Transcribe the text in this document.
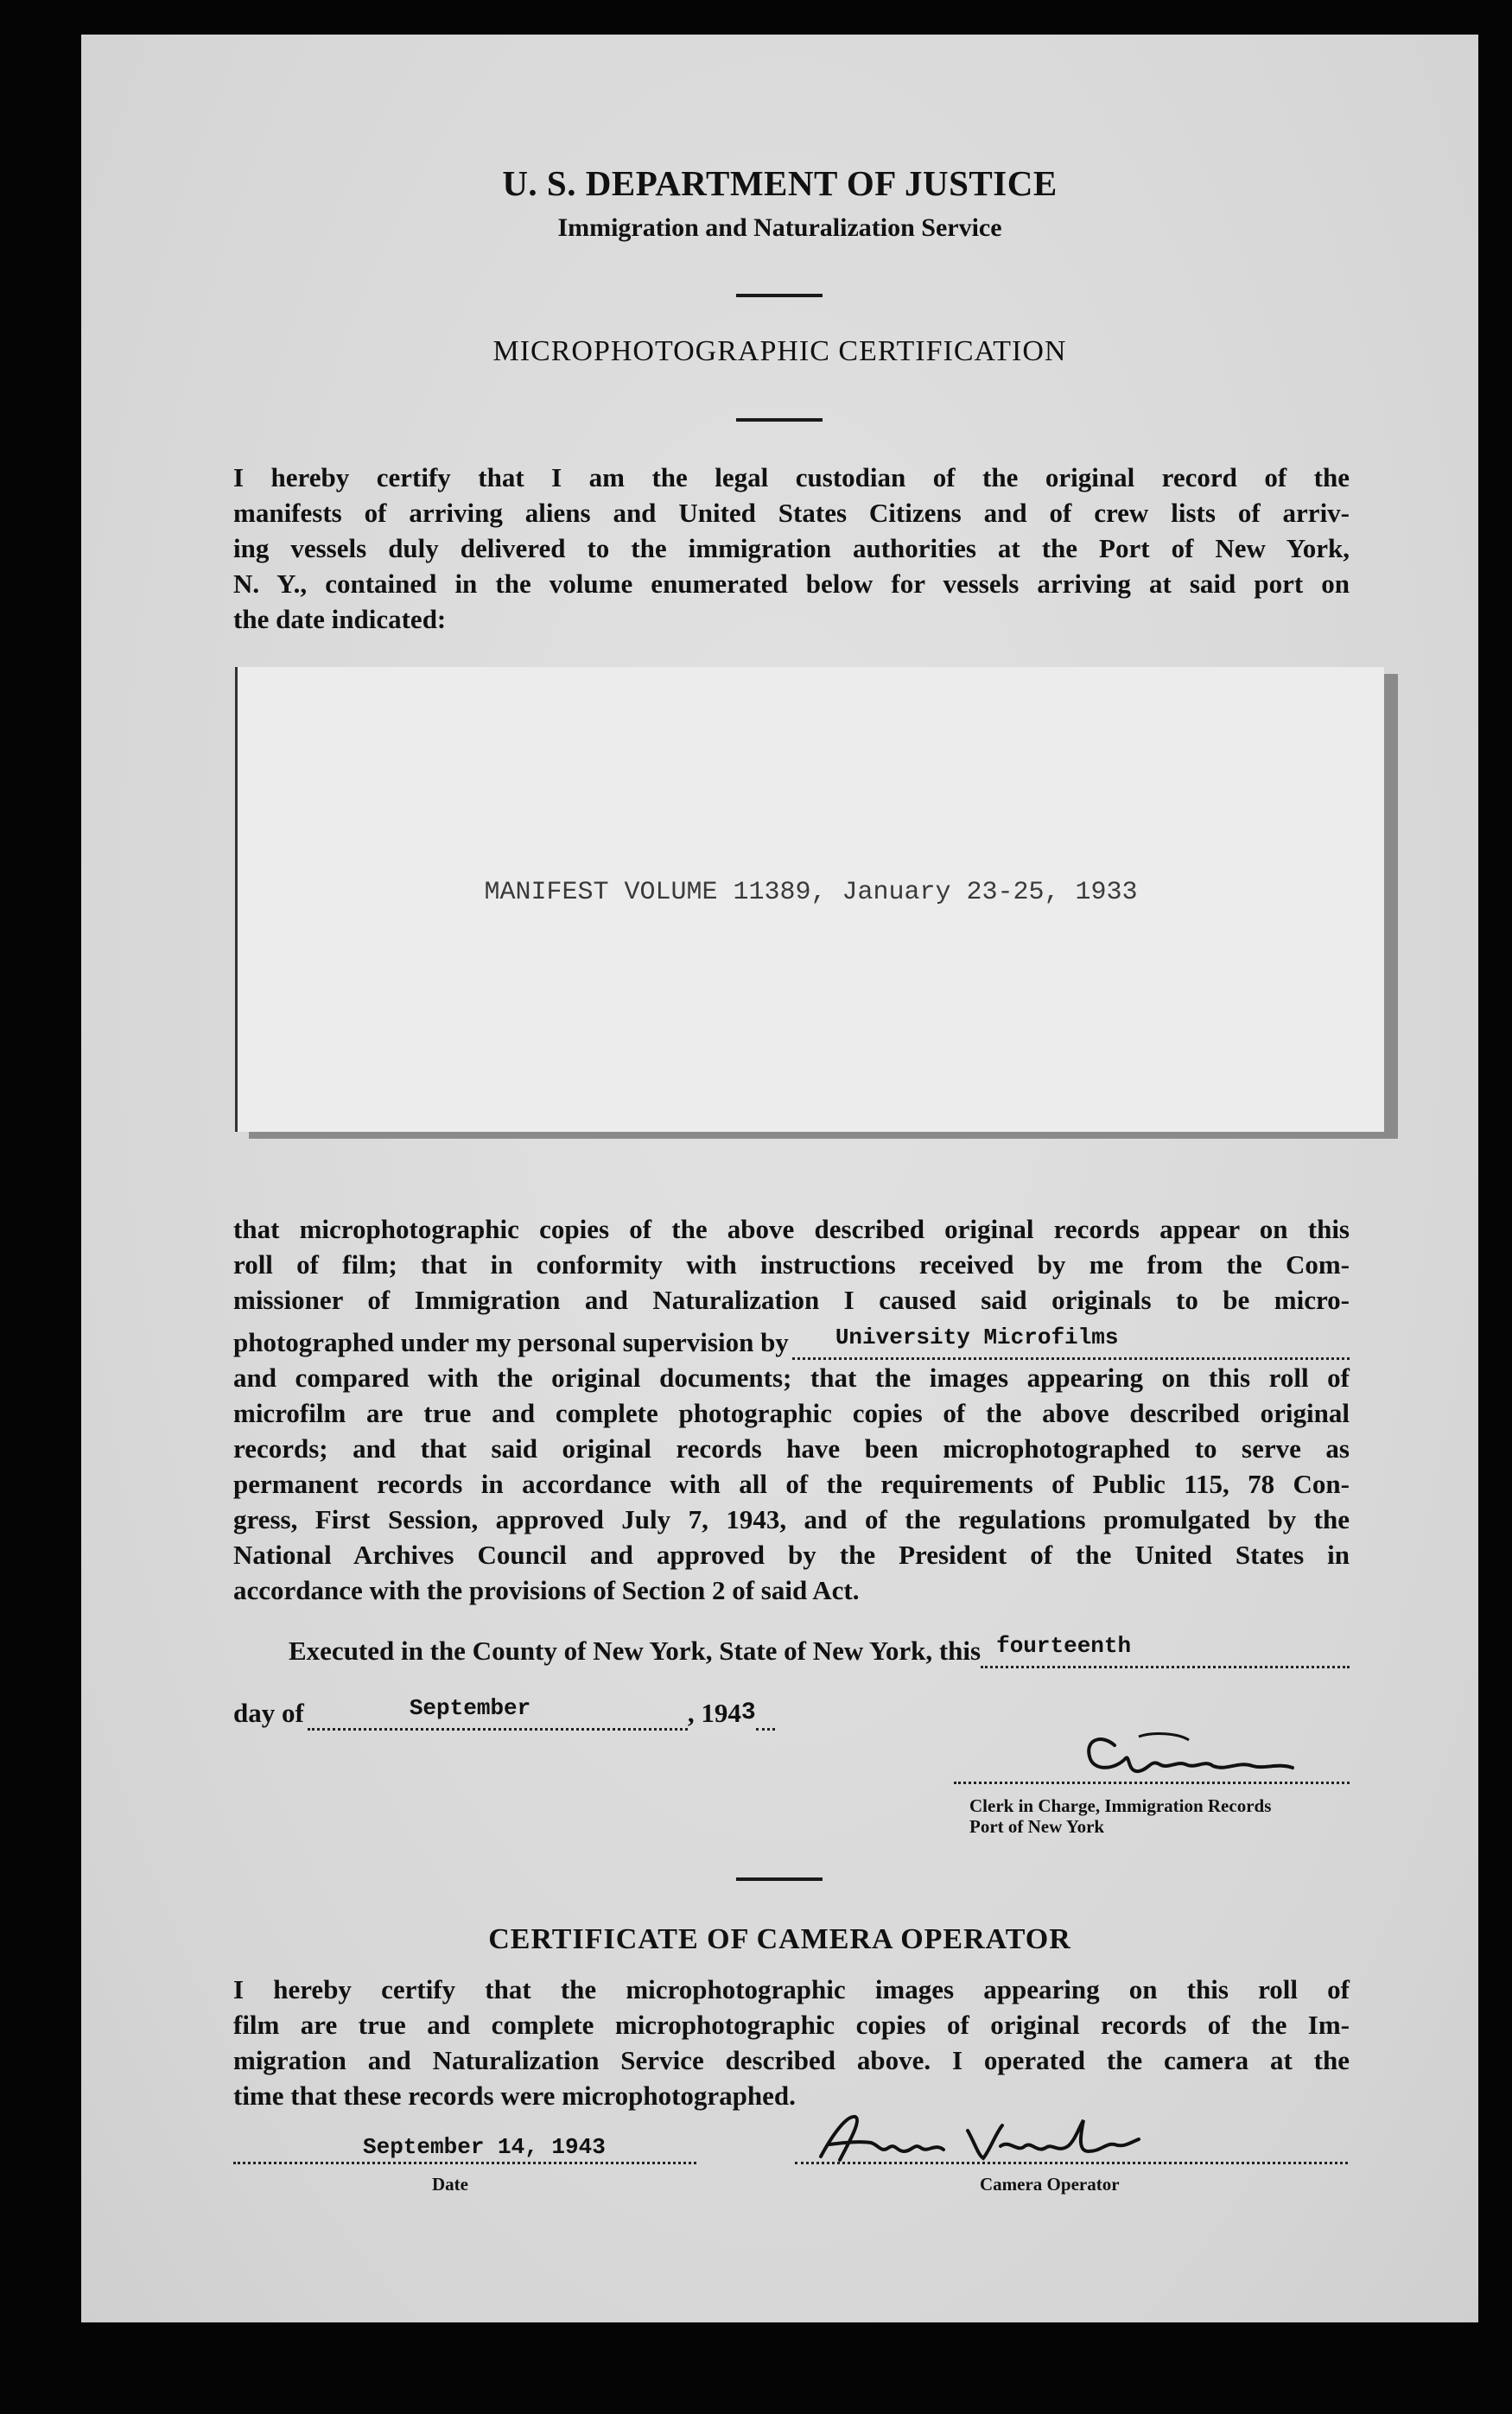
U. S. DEPARTMENT OF JUSTICE
Immigration and Naturalization Service
MICROPHOTOGRAPHIC CERTIFICATION
I hereby certify that I am the legal custodian of the original record of the
manifests of arriving aliens and United States Citizens and of crew lists of arriv-
ing vessels duly delivered to the immigration authorities at the Port of New York,
N. Y., contained in the volume enumerated below for vessels arriving at said port on
the date indicated:
MANIFEST VOLUME 11389, January 23-25, 1933
that microphotographic copies of the above described original records appear on this
roll of film; that in conformity with instructions received by me from the Com-
missioner of Immigration and Naturalization I caused said originals to be micro-
photographed under my personal supervision by University Microfilms
and compared with the original documents; that the images appearing on this roll of
microfilm are true and complete photographic copies of the above described original
records; and that said original records have been microphotographed to serve as
permanent records in accordance with all of the requirements of Public 115, 78 Con-
gress, First Session, approved July 7, 1943, and of the regulations promulgated by the
National Archives Council and approved by the President of the United States in
accordance with the provisions of Section 2 of said Act.
Executed in the County of New York, State of New York, this fourteenth
day of	September	, 194 3
Clerk in Charge, Immigration Records
Port of New York
CERTIFICATE OF CAMERA OPERATOR
I hereby certify that the microphotographic images appearing on this roll of
film are true and complete microphotographic copies of original records of the Im-
migration and Naturalization Service described above. I operated the camera at the
time that these records were microphotographed.
September 14, 1943
Date	Camera Operator
